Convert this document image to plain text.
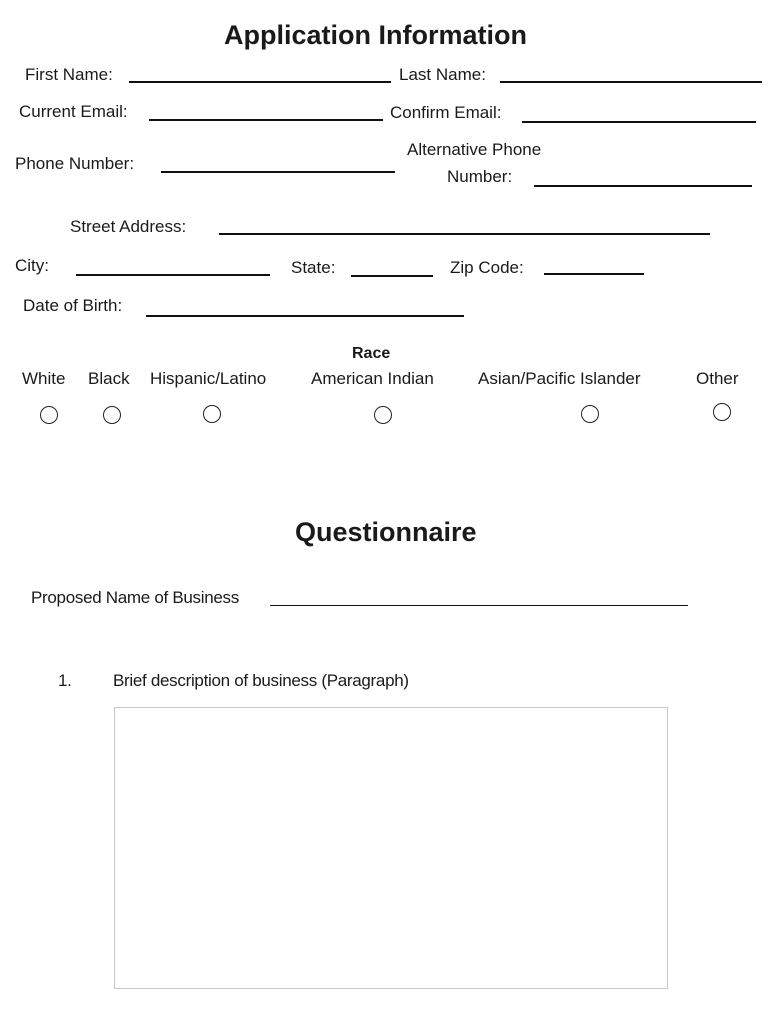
Application Information
First Name:	Last Name:
Current Email:	Confirm Email:
Phone Number:
Alternative Phone
Number:
Street Address:
City:	State:	Zip Code:
Date of Birth:
Race
White Black Hispanic/Latino	American Indian	Asian/Pacific Islander	Other
Questionnaire
Proposed Name of Business
1. Brief description of business (Paragraph)
